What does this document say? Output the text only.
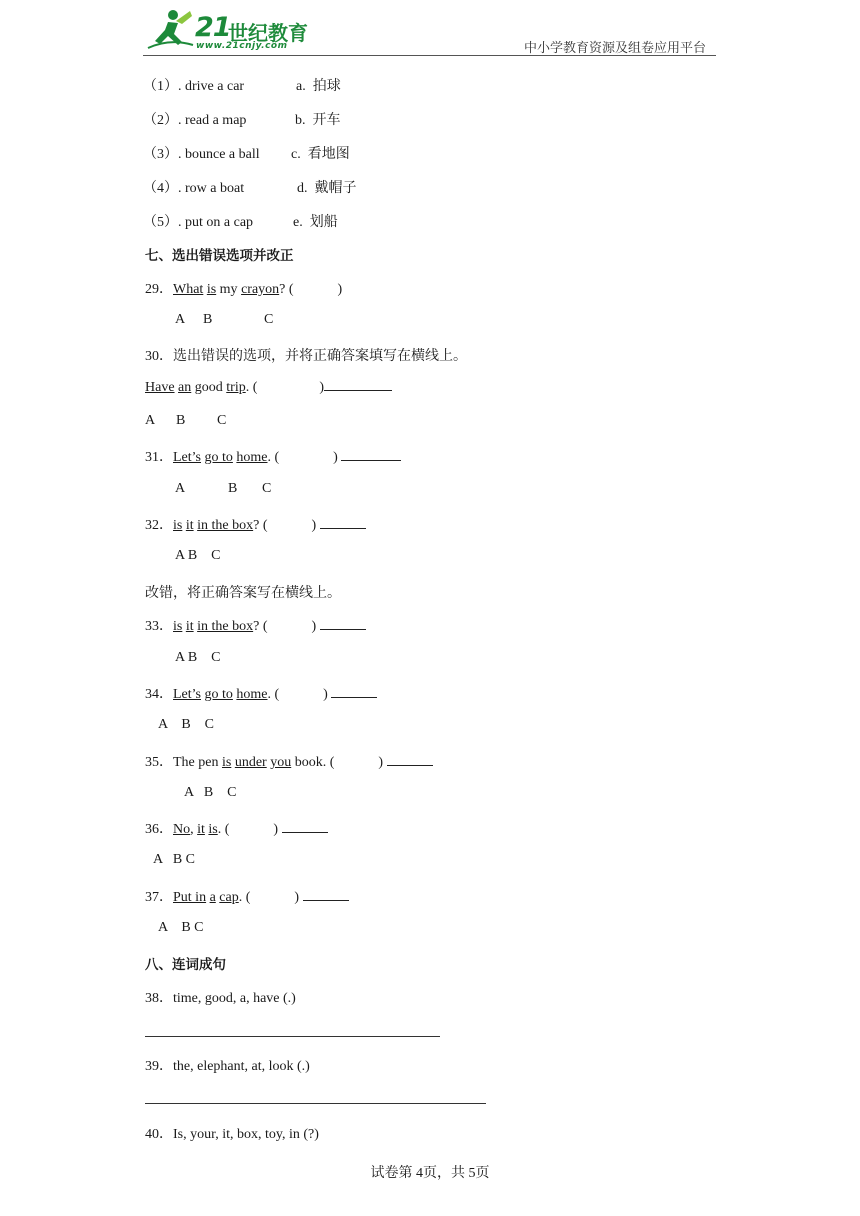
21
世纪教育
www.21cnjy.com	中小学教育资源及组卷应用平台
（1）. drive a car	a. 拍球
（2）. read a map	b. 开车
（3）. bounce a ball c. 看地图
（4）. row a boat	d. 戴帽子
（5）. put on a cap	e. 划船
七、选出错误选项并改正
29．What is my crayon? (	)
A B	C
30．选出错误的选项，并将正确答案填写在横线上。
Have an good trip. (	)
A B C
31．Let’s go to home. (	)
A	B C
32．is it in the box? (	)
A B    C
改错，将正确答案写在横线上。
33．is it in the box? (	)
A B    C
34．Let’s go to home. (	)
A    B    C
35．The pen is under you book. (	)
A   B    C
36．No, it is. (	)
A   B C
37．Put in a cap. (	)
A    B C
八、连词成句
38．time, good, a, have (.)
39．the, elephant, at, look (.)
40．Is, your, it, box, toy, in (?)
试卷第 4页，共 5页
